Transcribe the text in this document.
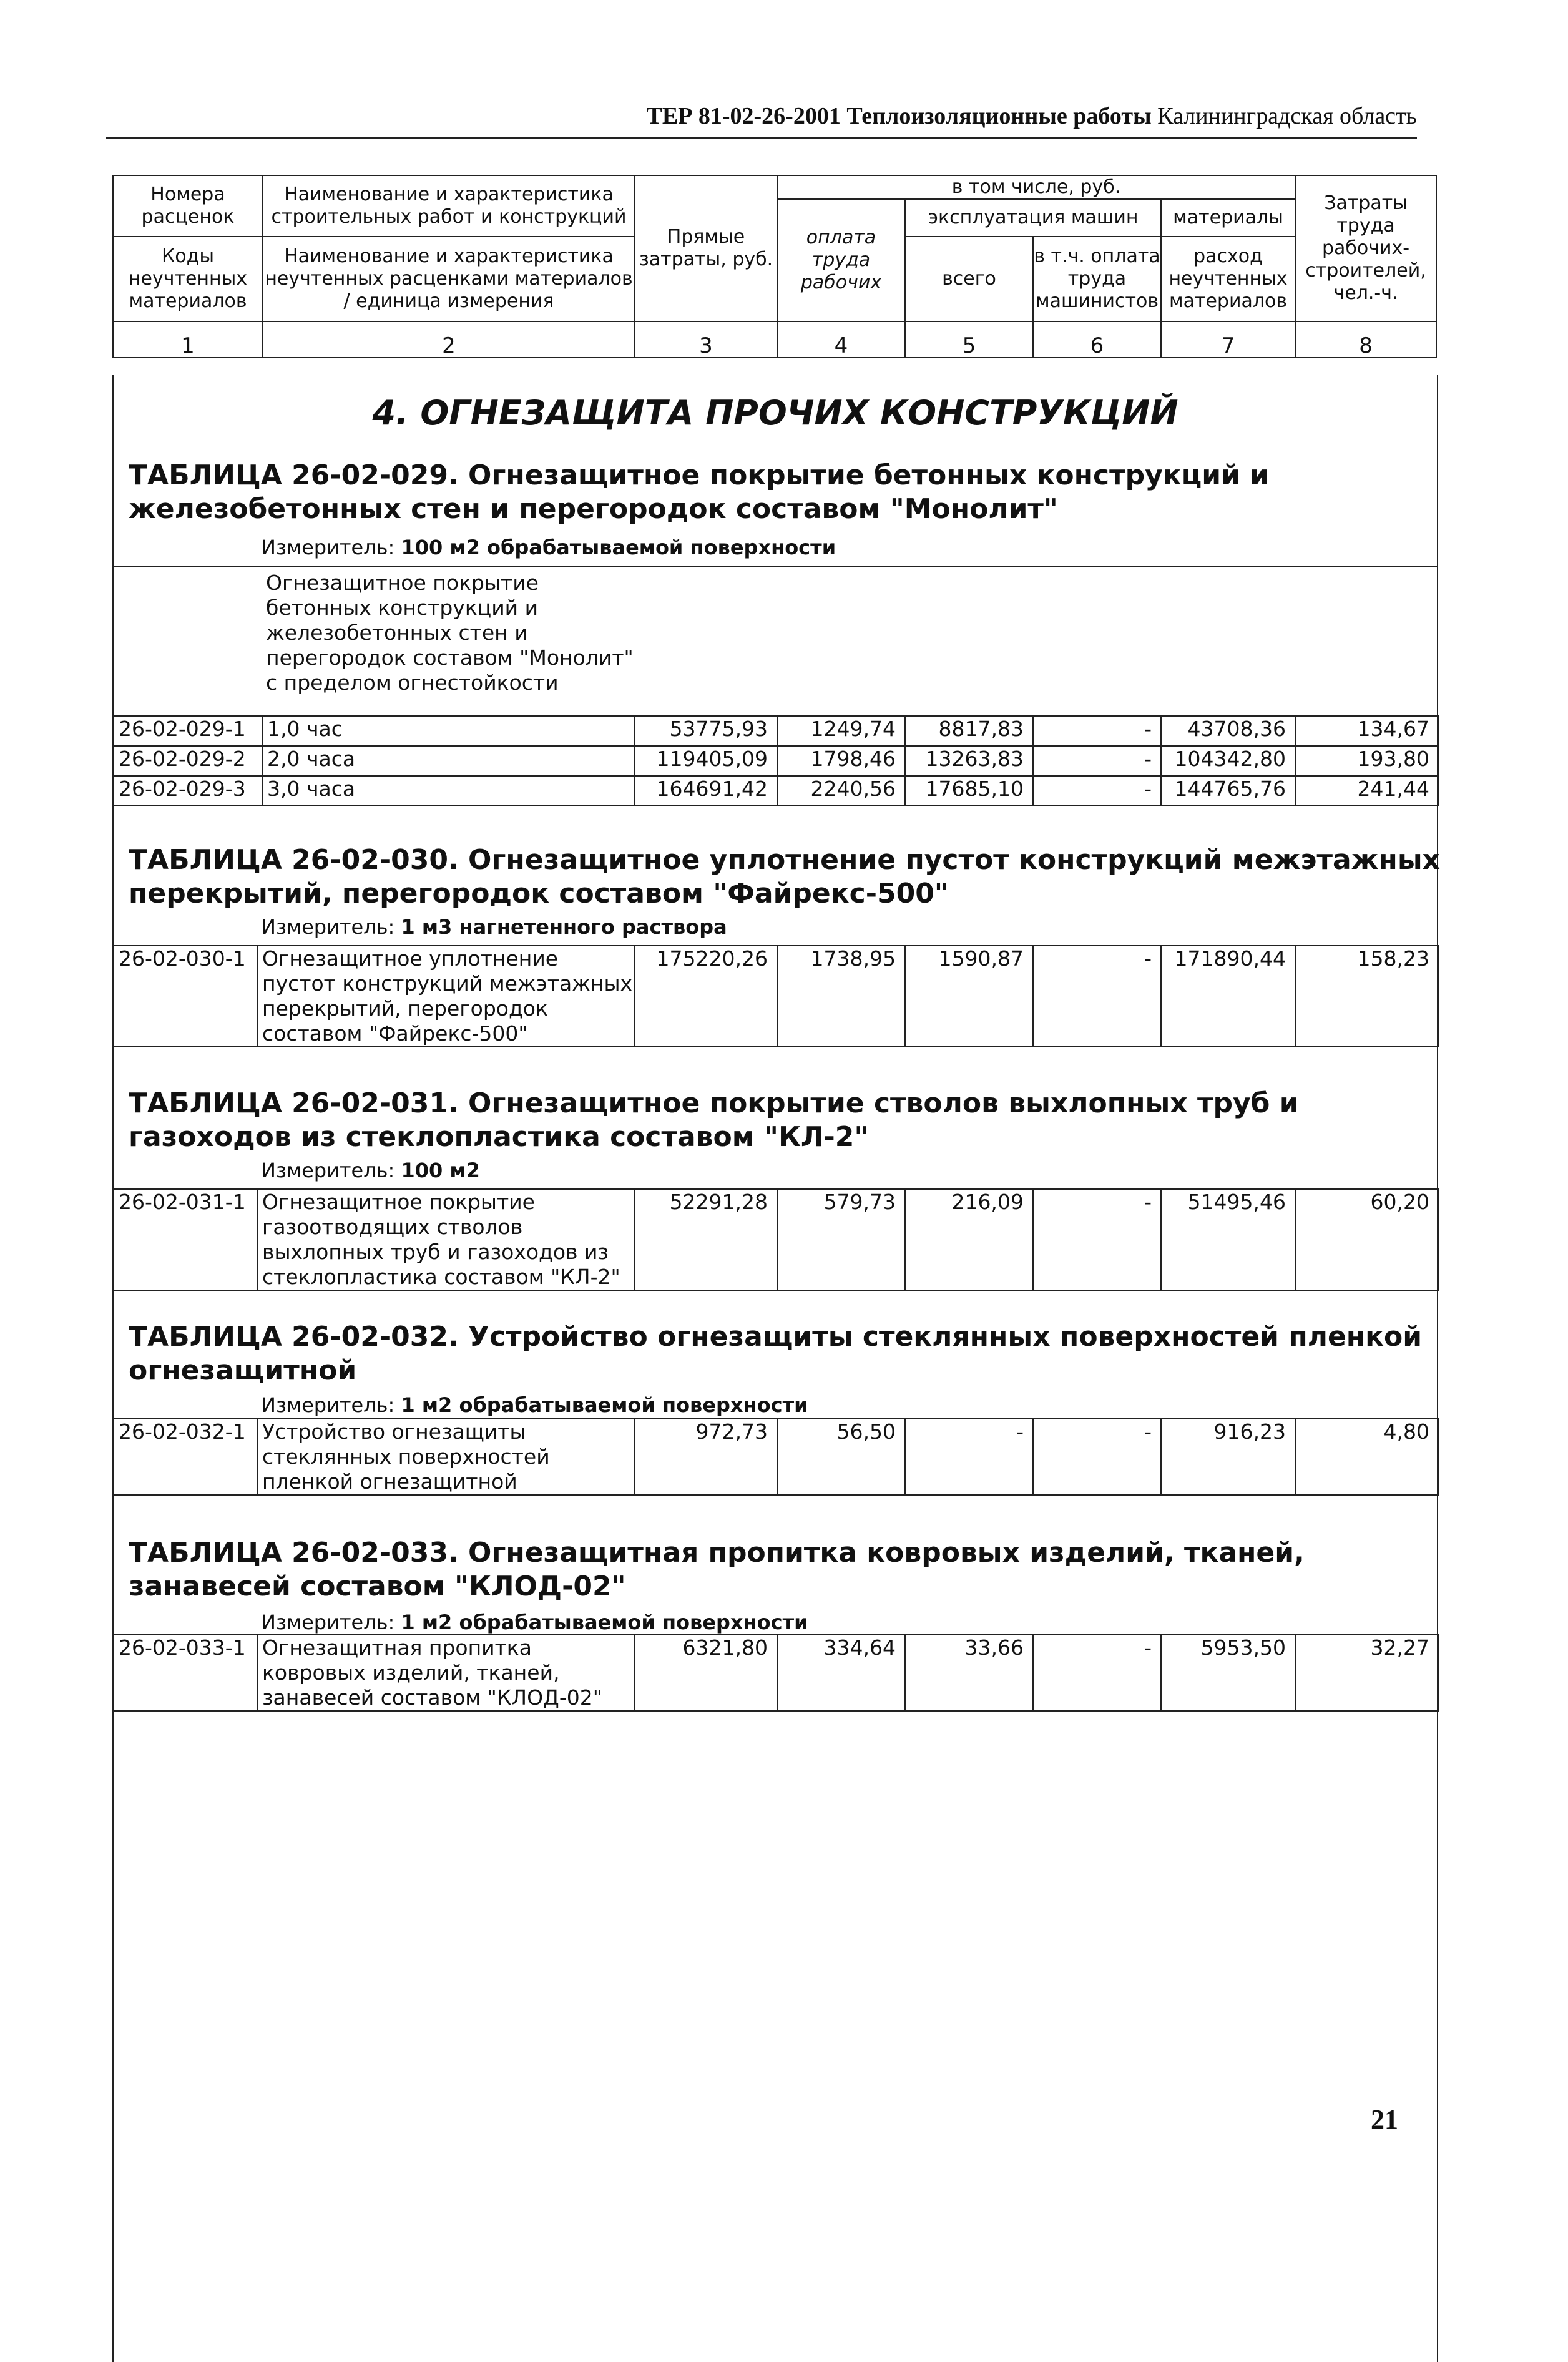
ТЕР 81-02-26-2001 Теплоизоляционные работы Калининградская область
Номера расценок	Наименование и характеристика строительных работ и конструкций	Прямые затраты, руб.	в том числе, руб.				Затраты труда рабочих-строителей, чел.-ч.
			оплата труда рабочих	эксплуатация машин		материалы	
Коды неучтенных материалов	Наименование и характеристика неучтенных расценками материалов / единица измерения			всего	в т.ч. оплата труда машинистов	расход неучтенных материалов	

1	2	3	4	5	6	7	8
4. ОГНЕЗАЩИТА ПРОЧИХ КОНСТРУКЦИЙ
ТАБЛИЦА 26-02-029. Огнезащитное покрытие бетонных конструкций и
железобетонных стен и перегородок составом "Монолит"
Измеритель: 100 м2 обрабатываемой поверхности
Огнезащитное покрытие бетонных конструкций и железобетонных стен и перегородок составом "Монолит" с пределом огнестойкости
26-02-029-1	1,0 час	53775,93	1249,74	8817,83	-	43708,36	134,67
26-02-029-2	2,0 часа	119405,09	1798,46	13263,83	-	104342,80	193,80
26-02-029-3	3,0 часа	164691,42	2240,56	17685,10	-	144765,76	241,44
ТАБЛИЦА 26-02-030. Огнезащитное уплотнение пустот конструкций межэтажных
перекрытий, перегородок составом "Файрекс-500"
Измеритель: 1 м3 нагнетенного раствора
26-02-030-1	Огнезащитное уплотнение пустот конструкций межэтажных перекрытий, перегородок составом "Файрекс-500"	175220,26	1738,95	1590,87	-	171890,44	158,23
ТАБЛИЦА 26-02-031. Огнезащитное покрытие стволов выхлопных труб и
газоходов из стеклопластика составом "КЛ-2"
Измеритель: 100 м2
26-02-031-1	Огнезащитное покрытие газоотводящих стволов выхлопных труб и газоходов из стеклопластика составом "КЛ-2"	52291,28	579,73	216,09	-	51495,46	60,20
ТАБЛИЦА 26-02-032. Устройство огнезащиты стеклянных поверхностей пленкой
огнезащитной
Измеритель: 1 м2 обрабатываемой поверхности
26-02-032-1	Устройство огнезащиты стеклянных поверхностей пленкой огнезащитной	972,73	56,50	-	-	916,23	4,80
ТАБЛИЦА 26-02-033. Огнезащитная пропитка ковровых изделий, тканей,
занавесей составом "КЛОД-02"
Измеритель: 1 м2 обрабатываемой поверхности
26-02-033-1	Огнезащитная пропитка ковровых изделий, тканей, занавесей составом "КЛОД-02"	6321,80	334,64	33,66	-	5953,50	32,27
21
